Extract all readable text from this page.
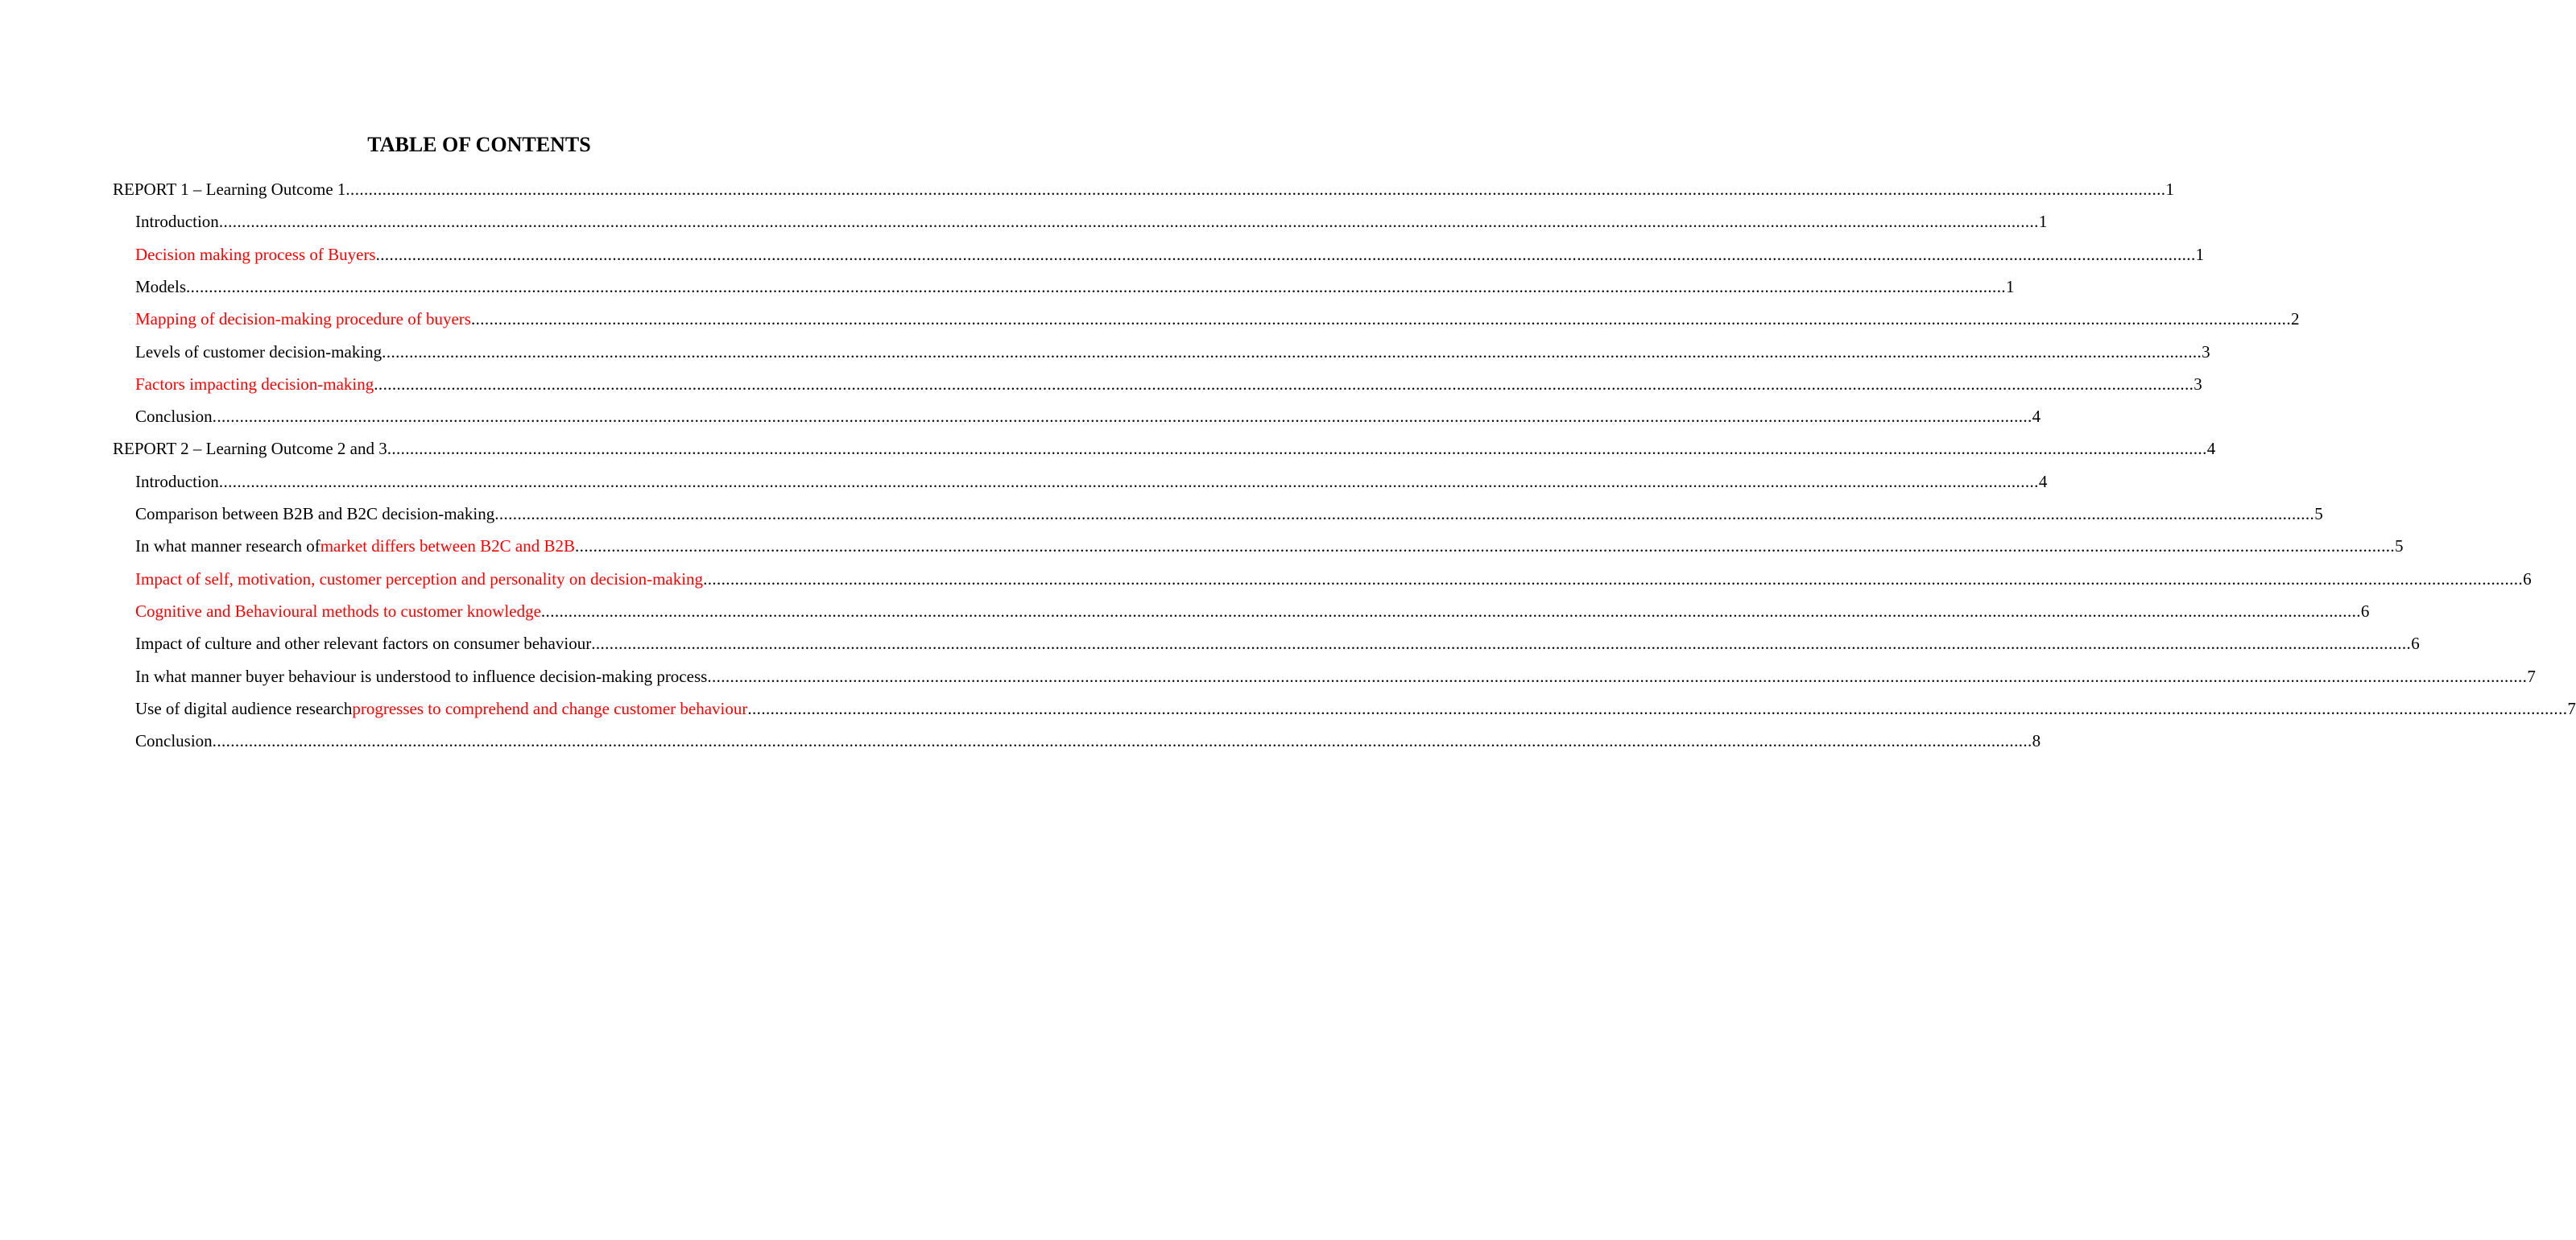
TABLE OF CONTENTS
REPORT 1 – Learning Outcome 1 ................................................................................................................................................................................................................................................................................................................................................................................................................ 1
Introduction ................................................................................................................................................................................................................................................................................................................................................................................................................ 1
Decision making process of Buyers ................................................................................................................................................................................................................................................................................................................................................................................................................ 1
Models ................................................................................................................................................................................................................................................................................................................................................................................................................ 1
Mapping of decision-making procedure of buyers ................................................................................................................................................................................................................................................................................................................................................................................................................ 2
Levels of customer decision-making ................................................................................................................................................................................................................................................................................................................................................................................................................ 3
Factors impacting decision-making ................................................................................................................................................................................................................................................................................................................................................................................................................ 3
Conclusion ................................................................................................................................................................................................................................................................................................................................................................................................................ 4
REPORT 2 – Learning Outcome 2 and 3 ................................................................................................................................................................................................................................................................................................................................................................................................................ 4
Introduction ................................................................................................................................................................................................................................................................................................................................................................................................................ 4
Comparison between B2B and B2C decision-making ................................................................................................................................................................................................................................................................................................................................................................................................................ 5
In what manner research of market differs between B2C and B2B ................................................................................................................................................................................................................................................................................................................................................................................................................ 5
Impact of self, motivation, customer perception and personality on decision-making ................................................................................................................................................................................................................................................................................................................................................................................................................ 6
Cognitive and Behavioural methods to customer knowledge ................................................................................................................................................................................................................................................................................................................................................................................................................ 6
Impact of culture and other relevant factors on consumer behaviour ................................................................................................................................................................................................................................................................................................................................................................................................................ 6
In what manner buyer behaviour is understood to influence decision-making process ................................................................................................................................................................................................................................................................................................................................................................................................................ 7
Use of digital audience research progresses to comprehend and change customer behaviour ................................................................................................................................................................................................................................................................................................................................................................................................................ 7
Conclusion ................................................................................................................................................................................................................................................................................................................................................................................................................ 8
